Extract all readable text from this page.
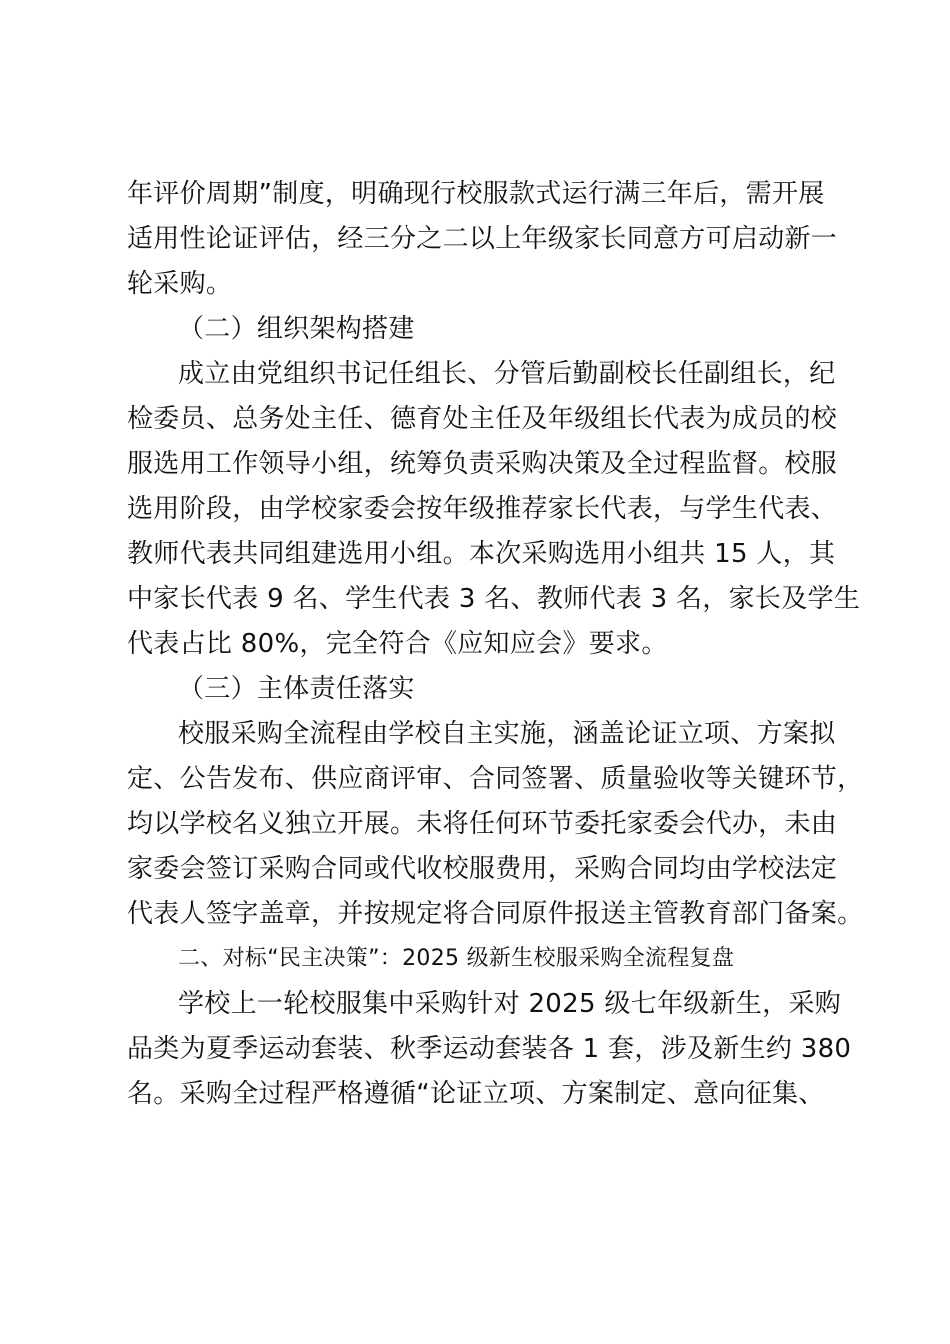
年评价周期”制度，明确现行校服款式运行满三年后，需开展
适用性论证评估，经三分之二以上年级家长同意方可启动新一
轮采购。
（二）组织架构搭建
成立由党组织书记任组长、分管后勤副校长任副组长，纪
检委员、总务处主任、德育处主任及年级组长代表为成员的校
服选用工作领导小组，统筹负责采购决策及全过程监督。校服
选用阶段，由学校家委会按年级推荐家长代表，与学生代表、
教师代表共同组建选用小组。本次采购选用小组共 15 人，其
中家长代表 9 名、学生代表 3 名、教师代表 3 名，家长及学生
代表占比 80%，完全符合《应知应会》要求。
（三）主体责任落实
校服采购全流程由学校自主实施，涵盖论证立项、方案拟
定、公告发布、供应商评审、合同签署、质量验收等关键环节，
均以学校名义独立开展。未将任何环节委托家委会代办，未由
家委会签订采购合同或代收校服费用，采购合同均由学校法定
代表人签字盖章，并按规定将合同原件报送主管教育部门备案。
二、对标“民主决策”：2025 级新生校服采购全流程复盘
学校上一轮校服集中采购针对 2025 级七年级新生，采购
品类为夏季运动套装、秋季运动套装各 1 套，涉及新生约 380
名。采购全过程严格遵循“论证立项、方案制定、意向征集、
